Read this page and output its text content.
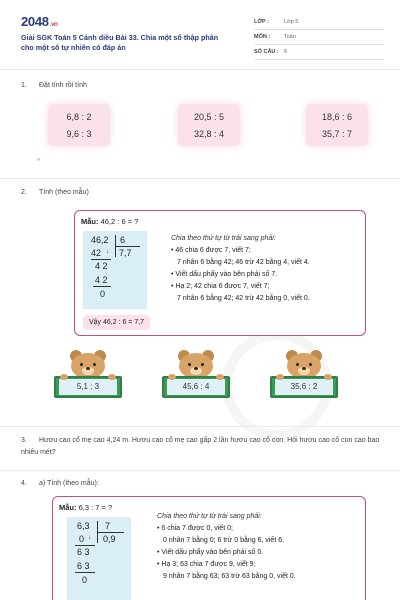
2048.vn
Giải SGK Toán 5 Cánh diều Bài 33. Chia một số thập phân cho một số tự nhiên có đáp án
LỚP :	Lớp 5
MÔN :	Toán
SỐ CÂU : 6
1. Đặt tính rồi tính
6,8 : 2
9,6 : 3
20,5 : 5
32,8 : 4
18,6 : 6
35,7 : 7
2. Tính (theo mẫu)
Mẫu: 46,2 : 6 = ?
46,2 6
42 ↓ 7,7
4 2
4 2
0
Chia theo thứ tự từ trái sang phải:
• 46 chia 6 được 7, viết 7;
7 nhân 6 bằng 42; 46 trừ 42 bằng 4, viết 4.
• Viết dấu phẩy vào bên phải số 7.
• Hạ 2; 42 chia 6 được 7, viết 7;
7 nhân 6 bằng 42; 42 trừ 42 bằng 0, viết 0.
Vậy 46,2 : 6 = 7,7
5,1 : 3	45,6 : 4	35,6 : 2
3. Hươu cao cổ mẹ cao 4,24 m. Hươu cao cổ mẹ cao gấp 2 lần hươu cao cổ con. Hỏi hươu cao cổ con cao bao nhiêu mét?
4. a) Tính (theo mẫu):
Mẫu: 6,3 : 7 = ?
6,3 7
0 ↓ 0,9
6 3
6 3
0
Chia theo thứ tự từ trái sang phải:
• 6 chia 7 được 0, viết 0;
0 nhân 7 bằng 0; 6 trừ 0 bằng 6, viết 6.
• Viết dấu phẩy vào bên phải số 0.
• Hạ 3; 63 chia 7 được 9, viết 9;
9 nhân 7 bằng 63; 63 trừ 63 bằng 0, viết 0.
